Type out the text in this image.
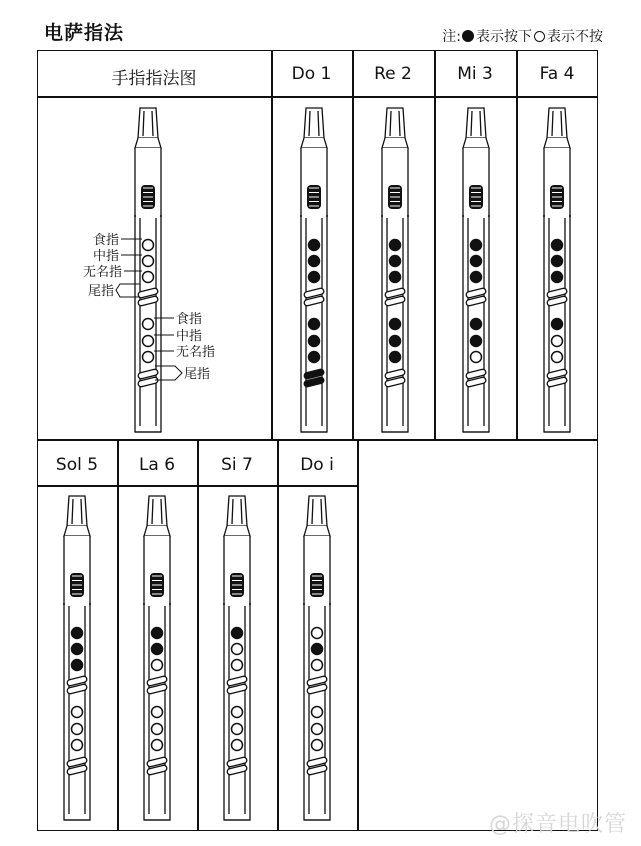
电萨指法	注: 表示按下 表示不按
手指指法图	Do 1	Re 2	Mi 3	Fa 4
Sol 5	La 6	Si 7	Do i
食指
中指
无名指
尾指
食指
中指
无名指
尾指
@探音电吹管
